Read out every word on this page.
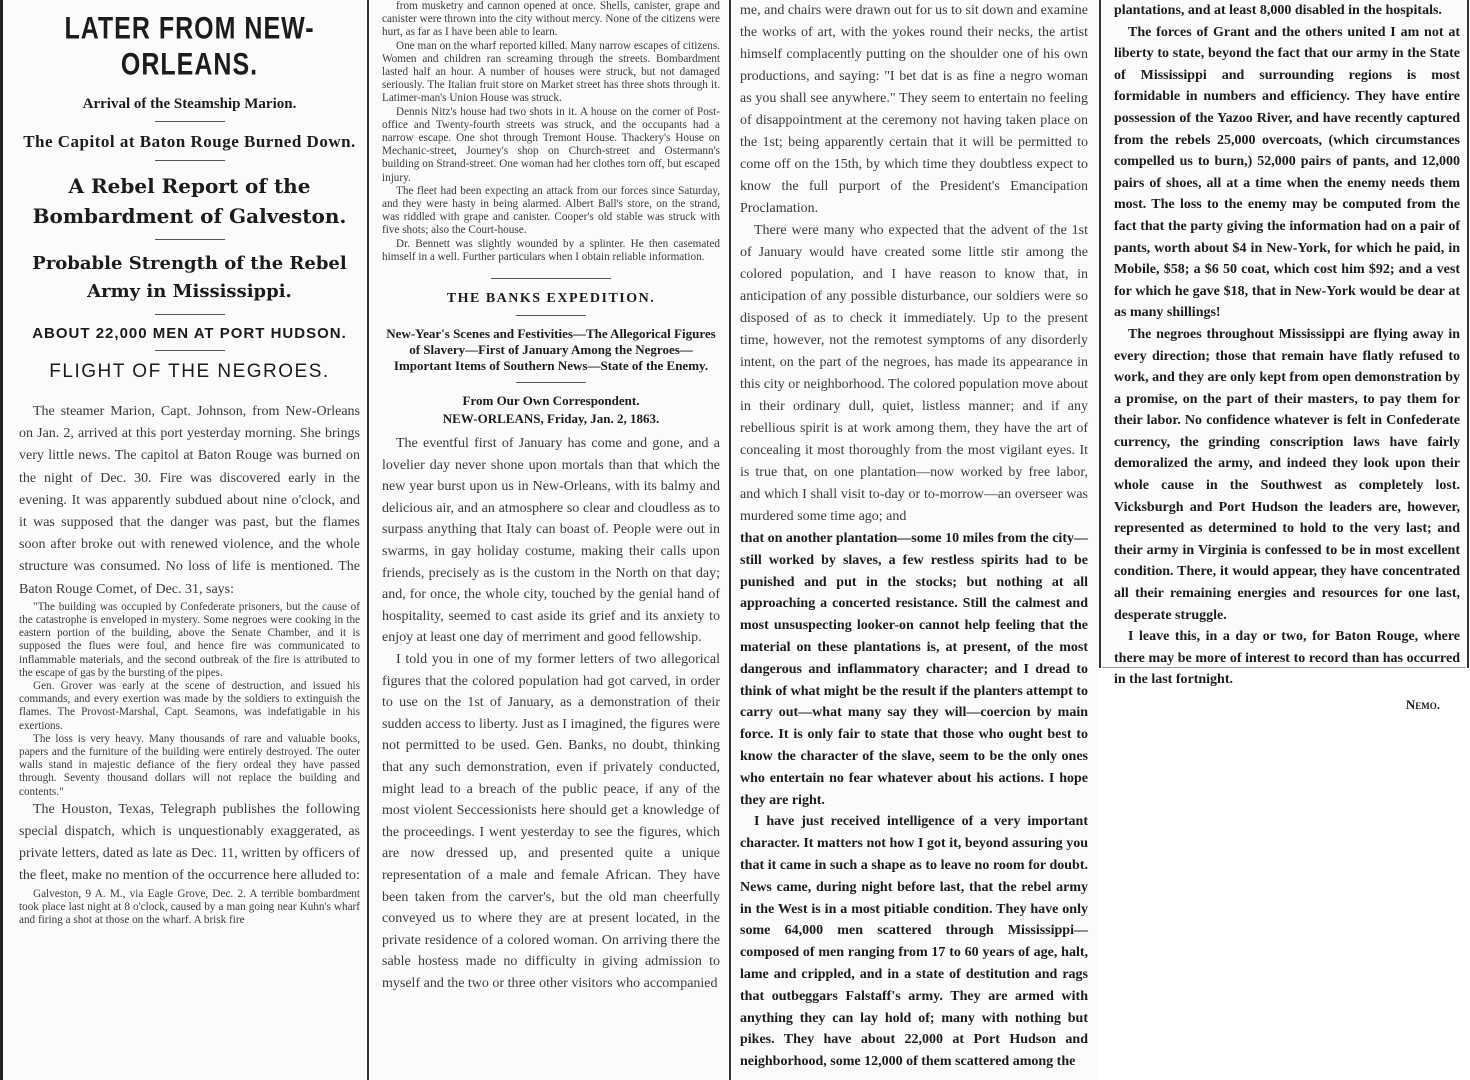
LATER FROM NEW-ORLEANS.
Arrival of the Steamship Marion.
The Capitol at Baton Rouge Burned Down.
A Rebel Report of the Bombardment of Galveston.
Probable Strength of the Rebel Army in Mississippi.
ABOUT 22,000 MEN AT PORT HUDSON.
FLIGHT OF THE NEGROES.

The steamer Marion, Capt. Johnson, from New-Orleans on Jan. 2, arrived at this port yesterday morning. She brings very little news. The capitol at Baton Rouge was burned on the night of Dec. 30. Fire was discovered early in the evening. It was apparently subdued about nine o'clock, and it was supposed that the danger was past, but the flames soon after broke out with renewed violence, and the whole structure was consumed. No loss of life is mentioned. The Baton Rouge Comet, of Dec. 31, says:

"The building was occupied by Confederate prisoners, but the cause of the catastrophe is enveloped in mystery. Some negroes were cooking in the eastern portion of the building, above the Senate Chamber, and it is supposed the flues were foul, and hence fire was communicated to inflammable materials, and the second outbreak of the fire is attributed to the escape of gas by the bursting of the pipes.

Gen. Grover was early at the scene of destruction, and issued his commands, and every exertion was made by the soldiers to extinguish the flames. The Provost-Marshal, Capt. Seamons, was indefatigable in his exertions.

The loss is very heavy. Many thousands of rare and valuable books, papers and the furniture of the building were entirely destroyed. The outer walls stand in majestic defiance of the fiery ordeal they have passed through. Seventy thousand dollars will not replace the building and contents."

The Houston, Texas, Telegraph publishes the following special dispatch, which is unquestionably exaggerated, as private letters, dated as late as Dec. 11, written by officers of the fleet, make no mention of the occurrence here alluded to:

Galveston, 9 A. M., via Eagle Grove, Dec. 2. A terrible bombardment took place last night at 8 o'clock, caused by a man going near Kuhn's wharf and firing a shot at those on the wharf. A brisk fire

from musketry and cannon opened at once. Shells, canister, grape and canister were thrown into the city without mercy. None of the citizens were hurt, as far as I have been able to learn.

One man on the wharf reported killed. Many narrow escapes of citizens. Women and children ran screaming through the streets. Bombardment lasted half an hour. A number of houses were struck, but not damaged seriously. The Italian fruit store on Market street has three shots through it. Latimer-man's Union House was struck.

Dennis Nitz's house had two shots in it. A house on the corner of Post-office and Twenty-fourth streets was struck, and the occupants had a narrow escape. One shot through Tremont House. Thackery's House on Mechanic-street, Journey's shop on Church-street and Ostermann's building on Strand-street. One woman had her clothes torn off, but escaped injury.

The fleet had been expecting an attack from our forces since Saturday, and they were hasty in being alarmed. Albert Ball's store, on the strand, was riddled with grape and canister. Cooper's old stable was struck with five shots; also the Court-house.

Dr. Bennett was slightly wounded by a splinter. He then casemated himself in a well. Further particulars when I obtain reliable information.

THE BANKS EXPEDITION.
New-Year's Scenes and Festivities—The Allegorical Figures of Slavery—First of January Among the Negroes—Important Items of Southern News—State of the Enemy.
From Our Own Correspondent.
NEW-ORLEANS, Friday, Jan. 2, 1863.

The eventful first of January has come and gone, and a lovelier day never shone upon mortals than that which the new year burst upon us in New-Orleans, with its balmy and delicious air, and an atmosphere so clear and cloudless as to surpass anything that Italy can boast of. People were out in swarms, in gay holiday costume, making their calls upon friends, precisely as is the custom in the North on that day; and, for once, the whole city, touched by the genial hand of hospitality, seemed to cast aside its grief and its anxiety to enjoy at least one day of merriment and good fellowship.

I told you in one of my former letters of two allegorical figures that the colored population had got carved, in order to use on the 1st of January, as a demonstration of their sudden access to liberty. Just as I imagined, the figures were not permitted to be used. Gen. Banks, no doubt, thinking that any such demonstration, even if privately conducted, might lead to a breach of the public peace, if any of the most violent Seccessionists here should get a knowledge of the proceedings. I went yesterday to see the figures, which are now dressed up, and presented quite a unique representation of a male and female African. They have been taken from the carver's, but the old man cheerfully conveyed us to where they are at present located, in the private residence of a colored woman. On arriving there the sable hostess made no difficulty in giving admission to myself and the two or three other visitors who accompanied

me, and chairs were drawn out for us to sit down and examine the works of art, with the yokes round their necks, the artist himself complacently putting on the shoulder one of his own productions, and saying: "I bet dat is as fine a negro woman as you shall see anywhere." They seem to entertain no feeling of disappointment at the ceremony not having taken place on the 1st; being apparently certain that it will be permitted to come off on the 15th, by which time they doubtless expect to know the full purport of the President's Emancipation Proclamation.

There were many who expected that the advent of the 1st of January would have created some little stir among the colored population, and I have reason to know that, in anticipation of any possible disturbance, our soldiers were so disposed of as to check it immediately. Up to the present time, however, not the remotest symptoms of any disorderly intent, on the part of the negroes, has made its appearance in this city or neighborhood. The colored population move about in their ordinary dull, quiet, listless manner; and if any rebellious spirit is at work among them, they have the art of concealing it most thoroughly from the most vigilant eyes. It is true that, on one plantation—now worked by free labor, and which I shall visit to-day or to-morrow—an overseer was murdered some time ago; and

that on another plantation—some 10 miles from the city—still worked by slaves, a few restless spirits had to be punished and put in the stocks; but nothing at all approaching a concerted resistance. Still the calmest and most unsuspecting looker-on cannot help feeling that the material on these plantations is, at present, of the most dangerous and inflammatory character; and I dread to think of what might be the result if the planters attempt to carry out—what many say they will—coercion by main force. It is only fair to state that those who ought best to know the character of the slave, seem to be the only ones who entertain no fear whatever about his actions. I hope they are right.

I have just received intelligence of a very important character. It matters not how I got it, beyond assuring you that it came in such a shape as to leave no room for doubt. News came, during night before last, that the rebel army in the West is in a most pitiable condition. They have only some 64,000 men scattered through Mississippi—composed of men ranging from 17 to 60 years of age, halt, lame and crippled, and in a state of destitution and rags that outbeggars Falstaff's army. They are armed with anything they can lay hold of; many with nothing but pikes. They have about 22,000 at Port Hudson and neighborhood, some 12,000 of them scattered among the

plantations, and at least 8,000 disabled in the hospitals.

The forces of Grant and the others united I am not at liberty to state, beyond the fact that our army in the State of Mississippi and surrounding regions is most formidable in numbers and efficiency. They have entire possession of the Yazoo River, and have recently captured from the rebels 25,000 overcoats, (which circumstances compelled us to burn,) 52,000 pairs of pants, and 12,000 pairs of shoes, all at a time when the enemy needs them most. The loss to the enemy may be computed from the fact that the party giving the information had on a pair of pants, worth about $4 in New-York, for which he paid, in Mobile, $58; a $6 50 coat, which cost him $92; and a vest for which he gave $18, that in New-York would be dear at as many shillings!

The negroes throughout Mississippi are flying away in every direction; those that remain have flatly refused to work, and they are only kept from open demonstration by a promise, on the part of their masters, to pay them for their labor. No confidence whatever is felt in Confederate currency, the grinding conscription laws have fairly demoralized the army, and indeed they look upon their whole cause in the Southwest as completely lost. Vicksburgh and Port Hudson the leaders are, however, represented as determined to hold to the very last; and their army in Virginia is confessed to be in most excellent condition. There, it would appear, they have concentrated all their remaining energies and resources for one last, desperate struggle.

I leave this, in a day or two, for Baton Rouge, where there may be more of interest to record than has occurred in the last fortnight.

Nemo.
